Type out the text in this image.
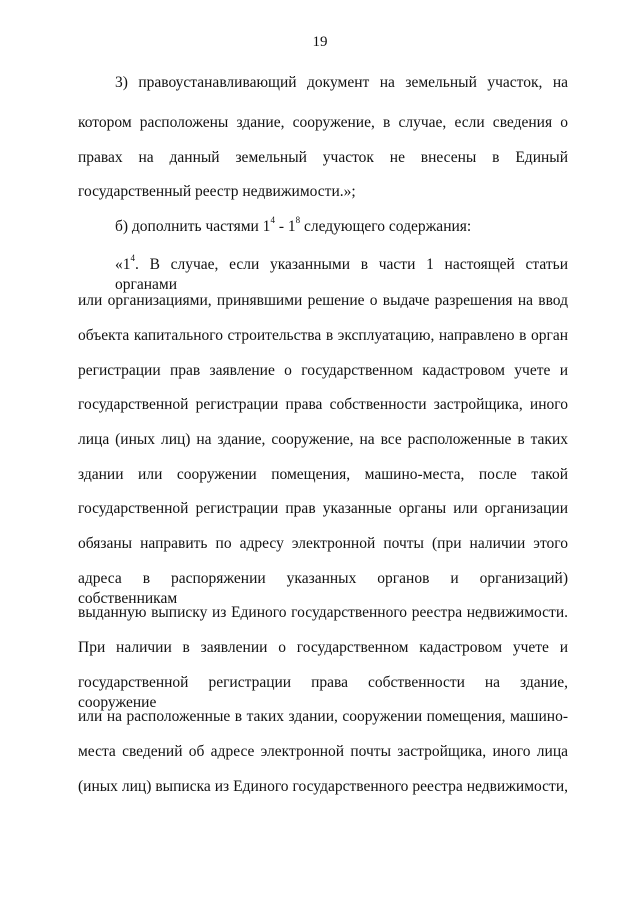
19
3) правоустанавливающий документ на земельный участок, на
котором расположены здание, сооружение, в случае, если сведения о
правах на данный земельный участок не внесены в Единый
государственный реестр недвижимости.»;
б) дополнить частями $1^4 - 1^8$ следующего содержания:
«$1^4$. В случае, если указанными в части 1 настоящей статьи органами
или организациями, принявшими решение о выдаче разрешения на ввод
объекта капитального строительства в эксплуатацию, направлено в орган
регистрации прав заявление о государственном кадастровом учете и
государственной регистрации права собственности застройщика, иного
лица (иных лиц) на здание, сооружение, на все расположенные в таких
здании или сооружении помещения, машино-места, после такой
государственной регистрации прав указанные органы или организации
обязаны направить по адресу электронной почты (при наличии этого
адреса в распоряжении указанных органов и организаций) собственникам
выданную выписку из Единого государственного реестра недвижимости.
При наличии в заявлении о государственном кадастровом учете и
государственной регистрации права собственности на здание, сооружение
или на расположенные в таких здании, сооружении помещения, машино-
места сведений об адресе электронной почты застройщика, иного лица
(иных лиц) выписка из Единого государственного реестра недвижимости,
